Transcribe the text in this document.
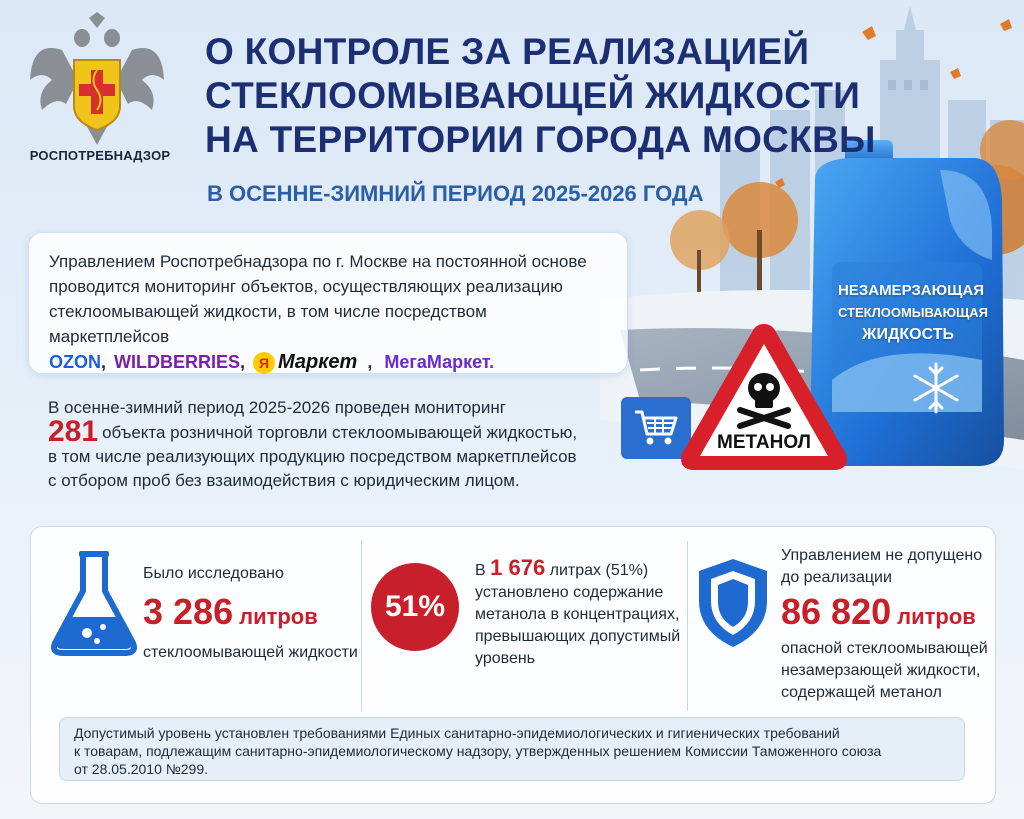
РОСПОТРЕБНАДЗОР
О КОНТРОЛЕ ЗА РЕАЛИЗАЦИЕЙ
СТЕКЛООМЫВАЮЩЕЙ ЖИДКОСТИ
НА ТЕРРИТОРИИ ГОРОДА МОСКВЫ
В ОСЕННЕ-ЗИМНИЙ ПЕРИОД 2025-2026 ГОДА
Управлением Роспотребнадзора по г. Москве на постоянной основе проводится мониторинг объектов, осуществляющих реализацию стеклоомывающей жидкости, в том числе посредством маркетплейсов
OZON , WILDBERRIES , Я Маркет , МегаМаркет.
НЕЗАМЕРЗАЮЩАЯ
СТЕКЛООМЫВАЮЩАЯ
ЖИДКОСТЬ
МЕТАНОЛ
В осенне-зимний период 2025-2026 проведен мониторинг
281 объекта розничной торговли стеклоомывающей жидкостью,
в том числе реализующих продукцию посредством маркетплейсов
с отбором проб без взаимодействия с юридическим лицом.
Было исследовано
3 286 литров
стеклоомывающей жидкости
51%
В 1 676 литрах (51%)
установлено содержание
метанола в концентрациях,
превышающих допустимый
уровень
Управлением не допущено
до реализации
86 820 литров
опасной стеклоомывающей
незамерзающей жидкости,
содержащей метанол
Допустимый уровень установлен требованиями Единых санитарно-эпидемиологических и гигиенических требований
к товарам, подлежащим санитарно-эпидемиологическому надзору, утвержденных решением Комиссии Таможенного союза
от 28.05.2010 №299.
